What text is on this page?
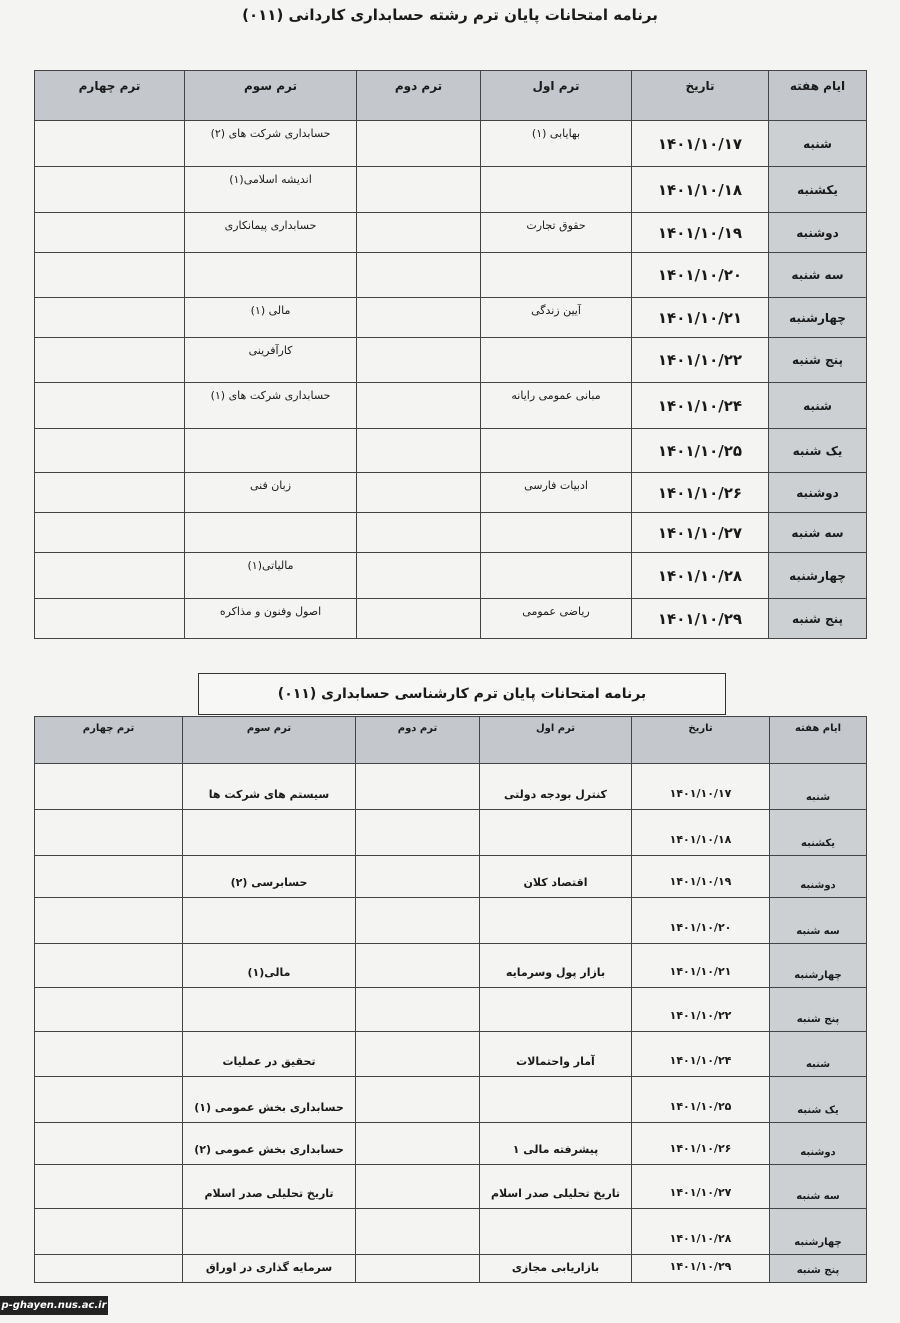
برنامه امتحانات پایان ترم رشته حسابداری کاردانی (۰۱۱)
ایام هفته	تاریخ	ترم اول	ترم دوم	ترم سوم	ترم چهارم
شنبه	۱۴۰۱/۱۰/۱۷	بهایابی (۱)		حسابداری شرکت های (۲)	
یکشنبه	۱۴۰۱/۱۰/۱۸			اندیشه اسلامی(۱)	
دوشنبه	۱۴۰۱/۱۰/۱۹	حقوق تجارت		حسابداری پیمانکاری	
سه شنبه	۱۴۰۱/۱۰/۲۰				
چهارشنبه	۱۴۰۱/۱۰/۲۱	آیین زندگی		مالی (۱)	
پنج شنبه	۱۴۰۱/۱۰/۲۲			کارآفرینی	
شنبه	۱۴۰۱/۱۰/۲۴	مبانی عمومی رایانه		حسابداری شرکت های (۱)	
یک شنبه	۱۴۰۱/۱۰/۲۵				
دوشنبه	۱۴۰۱/۱۰/۲۶	ادبیات فارسی		زبان فنی	
سه شنبه	۱۴۰۱/۱۰/۲۷				
چهارشنبه	۱۴۰۱/۱۰/۲۸			مالیاتی(۱)	
پنج شنبه	۱۴۰۱/۱۰/۲۹	ریاضی عمومی		اصول وفنون و مذاکره	
برنامه امتحانات پایان ترم کارشناسی حسابداری (۰۱۱)
ایام هفته	تاریخ	ترم اول	ترم دوم	ترم سوم	ترم چهارم
شنبه	۱۴۰۱/۱۰/۱۷	کنترل بودجه دولتی		سیستم های شرکت ها	
یکشنبه	۱۴۰۱/۱۰/۱۸				
دوشنبه	۱۴۰۱/۱۰/۱۹	اقتصاد کلان		حسابرسی (۲)	
سه شنبه	۱۴۰۱/۱۰/۲۰				
چهارشنبه	۱۴۰۱/۱۰/۲۱	بازار پول وسرمایه		مالی(۱)	
پنج شنبه	۱۴۰۱/۱۰/۲۲				
شنبه	۱۴۰۱/۱۰/۲۴	آمار واحتمالات		تحقیق در عملیات	
یک شنبه	۱۴۰۱/۱۰/۲۵			حسابداری بخش عمومی (۱)	
دوشنبه	۱۴۰۱/۱۰/۲۶	پیشرفته مالی ۱		حسابداری بخش عمومی (۲)	
سه شنبه	۱۴۰۱/۱۰/۲۷	تاریخ تحلیلی صدر اسلام		تاریخ تحلیلی صدر اسلام	
چهارشنبه	۱۴۰۱/۱۰/۲۸				
پنج شنبه	۱۴۰۱/۱۰/۲۹	بازاریابی مجازی		سرمایه گذاری در اوراق	
p-ghayen.nus.ac.ir
